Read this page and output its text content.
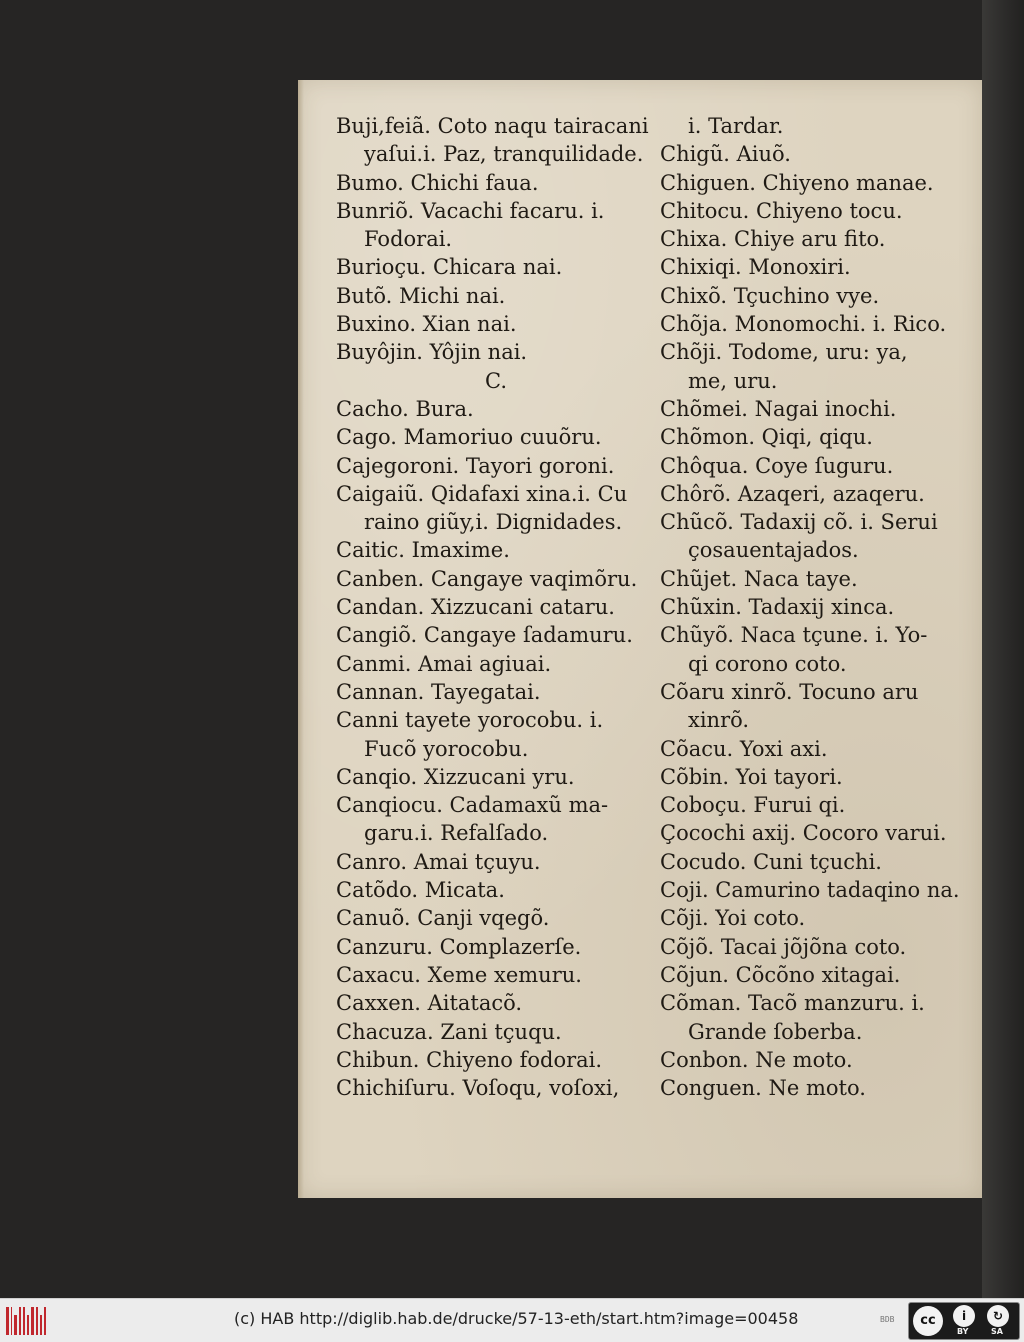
Buji,feiã. Coto naqu tairacani
yaſui.i. Paz, tranquilidade.
Bumo. Chichi faua.
Bunriõ. Vacachi facaru. i.
Fodorai.
Burioçu. Chicara nai.
Butõ. Michi nai.
Buxino. Xian nai.
Buyôjin. Yôjin nai.
C.
Cacho. Bura.
Cago. Mamoriuo cuuõru.
Cajegoroni. Tayori goroni.
Caigaiũ. Qidafaxi xina.i. Cu
raino giũy,i. Dignidades.
Caitic. Imaxime.
Canben. Cangaye vaqimõru.
Candan. Xizzucani cataru.
Cangiõ. Cangaye ſadamuru.
Canmi. Amai agiuai.
Cannan. Tayegatai.
Canni tayete yorocobu. i.
Fucõ yorocobu.
Canqio. Xizzucani yru.
Canqiocu. Cadamaxũ ma-
garu.i. Refalſado.
Canro. Amai tçuyu.
Catõdo. Micata.
Canuõ. Canji vqegõ.
Canzuru. Complazerſe.
Caxacu. Xeme xemuru.
Caxxen. Aitatacõ.
Chacuza. Zani tçuqu.
Chibun. Chiyeno fodorai.
Chichiſuru. Voſoqu, voſoxi,
i. Tardar.
Chigũ. Aiuõ.
Chiguen. Chiyeno manae.
Chitocu. Chiyeno tocu.
Chixa. Chiye aru fito.
Chixiqi. Monoxiri.
Chixõ. Tçuchino vye.
Chõja. Monomochi. i. Rico.
Chõji. Todome, uru: ya,
me, uru.
Chõmei. Nagai inochi.
Chõmon. Qiqi, qiqu.
Chôqua. Coye ſuguru.
Chôrõ. Azaqeri, azaqeru.
Chũcõ. Tadaxij cõ. i. Serui
çosauentajados.
Chũjet. Naca taye.
Chũxin. Tadaxij xinca.
Chũyõ. Naca tçune. i. Yo-
qi corono coto.
Cõaru xinrõ. Tocuno aru
xinrõ.
Cõacu. Yoxi axi.
Cõbin. Yoi tayori.
Coboçu. Furui qi.
Çocochi axij. Cocoro varui.
Cocudo. Cuni tçuchi.
Coji. Camurino tadaqino na.
Cõji. Yoi coto.
Cõjõ. Tacai jõjõna coto.
Cõjun. Cõcõno xitagai.
Cõman. Tacõ manzuru. i.
Grande ſoberba.
Conbon. Ne moto.
Conguen. Ne moto.
(c) HAB http://diglib.hab.de/drucke/57-13-eth/start.htm?image=00458	BDB	cc	i	↻
BY	SA
